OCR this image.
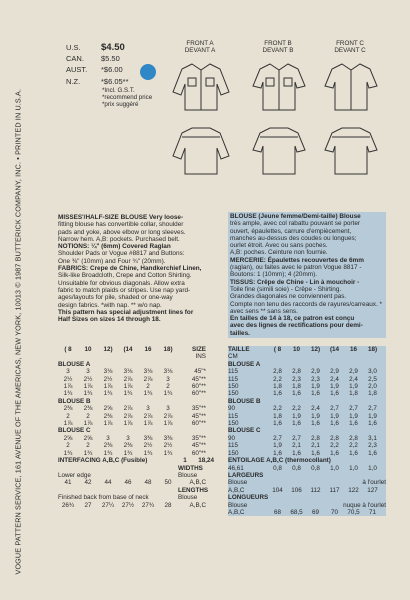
VOGUE PATTERN SERVICE, 161 AVENUE OF THE AMERICAS, NEW YORK, 10013 © 1987 BUTTERICK COMPANY, INC. • PRINTED IN U.S.A.
U.S.	$4.50
CAN.	$5.50
AUST.	*$6.00
N.Z.	*$6.05**
*Incl. G.S.T.
*recommend price
*prix suggéré
FRONT A
DEVANT A
FRONT B
DEVANT B
FRONT C
DEVANT C
MISSES'/HALF-SIZE BLOUSE Very loose-
fitting blouse has convertible collar, shoulder
pads and yoke, above elbow or long sleeves.
Narrow hem. A,B: pockets. Purchased belt.
NOTIONS: ¼" (6mm) Covered Raglan
Shoulder Pads or Vogue #8817 and Buttons:
One ⅜" (10mm) and Four ¾" (20mm).
FABRICS: Crepe de Chine, Handkerchief Linen,
Silk-like Broadcloth, Crepe and Cotton Shirting.
Unsuitable for obvious diagonals. Allow extra
fabric to match plaids or stripes. Use nap yard-
ages/layouts for pile, shaded or one-way
design fabrics. *with nap. ** w/o nap.
This pattern has special adjustment lines for
Half Sizes on sizes 14 through 18.
BLOUSE (Jeune femme/Demi-taille) Blouse
très ample, avec col rabattu pouvant se porter
ouvert, épaulettes, carrure d'empiècement,
manches au-dessus des coudes ou longues;
ourlet étroit. Avec ou sans poches.
A,B: poches. Ceinture non fournie.
MERCERIE: Épaulettes recouvertes de 6mm
(raglan), ou faites avec le patron Vogue 8817 -
Boutons: 1 (10mm); 4 (20mm).
TISSUS: Crêpe de Chine - Lin à mouchoir -
Toile fine (simili soie) - Crêpe - Shirting.
Grandes diagonales ne conviennent pas.
Compte non tenu des raccords de rayures/carreaux. * avec sens ** sans sens.
En tailles de 14 à 18, ce patron est conçu
avec des lignes de rectifications pour demi-
tailles.
( 8 10 12) (14 16 18)	SIZE
INS
BLOUSE A
3	3 3⅛ 3⅛ 3⅛ 3⅛	45"*
2½ 2½ 2½ 2⅞ 2⅞ 3	45"**
1⅞ 1⅞ 1⅞ 1⅞ 2	2	60"**
1¾ 1¾ 1¾ 1¾ 1¾ 1¾	60"**
BLOUSE B
2⅜ 2⅜ 2⅝ 2⅞ 3	3	35"**
2	2 2⅜ 2⅞ 2⅞ 2⅞	45"**
1⅞ 1⅞ 1⅞ 1⅞ 1⅞ 1⅞	60"**
BLOUSE C
2⅝ 2⅝ 3	3 3⅜ 3⅜	35"**
2	2 2⅜ 2⅜ 2½ 2½	45"**
1¾ 1¾ 1¾ 1¾ 1¾ 1¾	60"**
INTERFACING A,B,C (Fusible)	1 18,24
WIDTHS
Lower edge	Blouse
41 42 44 46 48 50	A,B,C
LENGTHS
Finished back from base of neck	Blouse
26¾ 27 27¼ 27½ 27¾ 28	A,B,C
TAILLE	( 8 10 12) (14 16 18)
CM
BLOUSE A
115	2,8 2,8 2,9 2,9 2,9 3,0
115	2,2 2,3 2,3 2,4 2,4 2,5
150	1,8 1,8 1,9 1,9 1,9 2,0
150	1,6 1,6 1,6 1,6 1,8 1,8
BLOUSE B
90	2,2 2,2 2,4 2,7 2,7 2,7
115	1,8 1,9 1,9 1,9 1,9 1,9
150	1,6 1,6 1,6 1,6 1,6 1,6
BLOUSE C
90	2,7 2,7 2,8 2,8 2,8 3,1
115	1,9 2,1 2,1 2,2 2,2 2,3
150	1,6 1,6 1,6 1,6 1,6 1,6
ENTOILAGE A,B,C (thermocollant)
46,61	0,8 0,8 0,8 1,0 1,0 1,0
LARGEURS
Blouse	à l'ourlet
A,B,C	104 106 112 117 122 127
LONGUEURS
Blouse	nuque à l'ourlet
A,B,C	68 68,5 69 70 70,5 71
